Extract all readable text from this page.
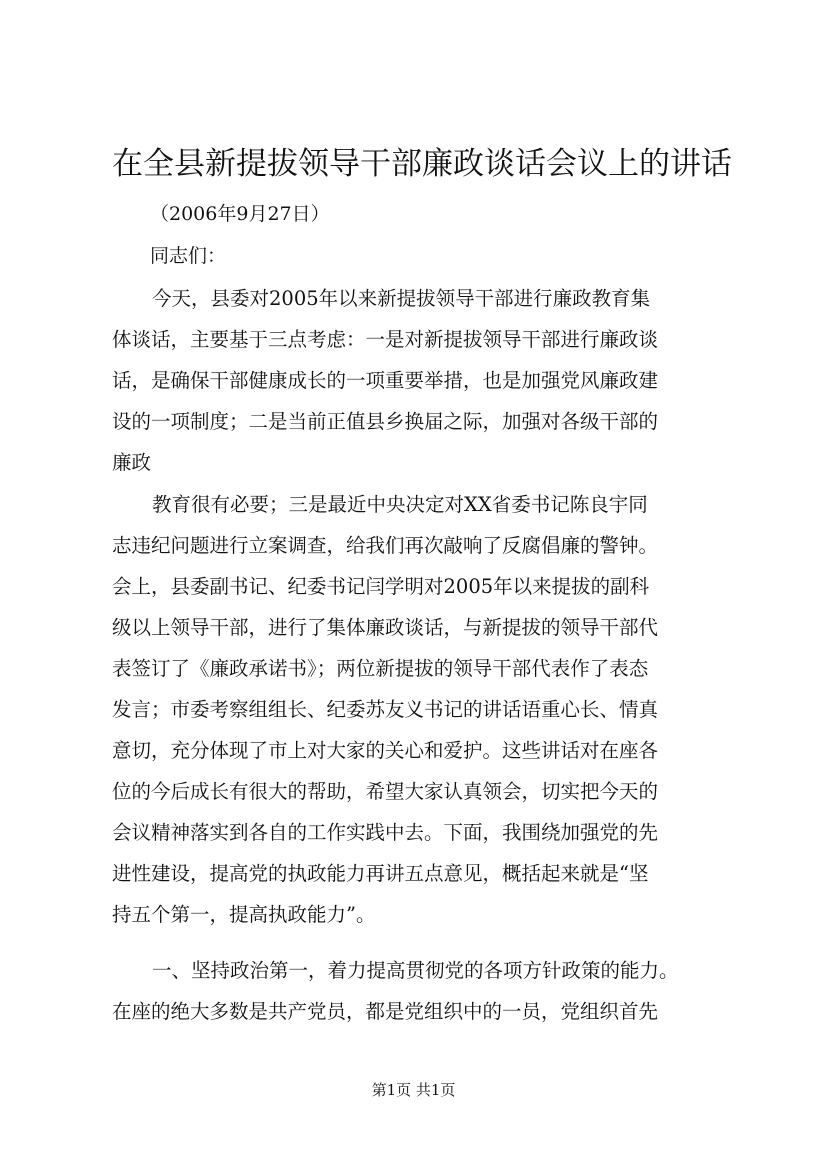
在全县新提拔领导干部廉政谈话会议上的讲话
（2006年9月27日）
同志们：
今天，县委对2005年以来新提拔领导干部进行廉政教育集
体谈话，主要基于三点考虑：一是对新提拔领导干部进行廉政谈
话，是确保干部健康成长的一项重要举措，也是加强党风廉政建
设的一项制度；二是当前正值县乡换届之际，加强对各级干部的
廉政
教育很有必要；三是最近中央决定对XX省委书记陈良宇同
志违纪问题进行立案调查，给我们再次敲响了反腐倡廉的警钟。
会上，县委副书记、纪委书记闫学明对2005年以来提拔的副科
级以上领导干部，进行了集体廉政谈话，与新提拔的领导干部代
表签订了《廉政承诺书》；两位新提拔的领导干部代表作了表态
发言；市委考察组组长、纪委苏友义书记的讲话语重心长、情真
意切，充分体现了市上对大家的关心和爱护。这些讲话对在座各
位的今后成长有很大的帮助，希望大家认真领会，切实把今天的
会议精神落实到各自的工作实践中去。下面，我围绕加强党的先
进性建设，提高党的执政能力再讲五点意见，概括起来就是“坚
持五个第一，提高执政能力”。
一、坚持政治第一，着力提高贯彻党的各项方针政策的能力。
在座的绝大多数是共产党员，都是党组织中的一员，党组织首先
第1页 共1页
